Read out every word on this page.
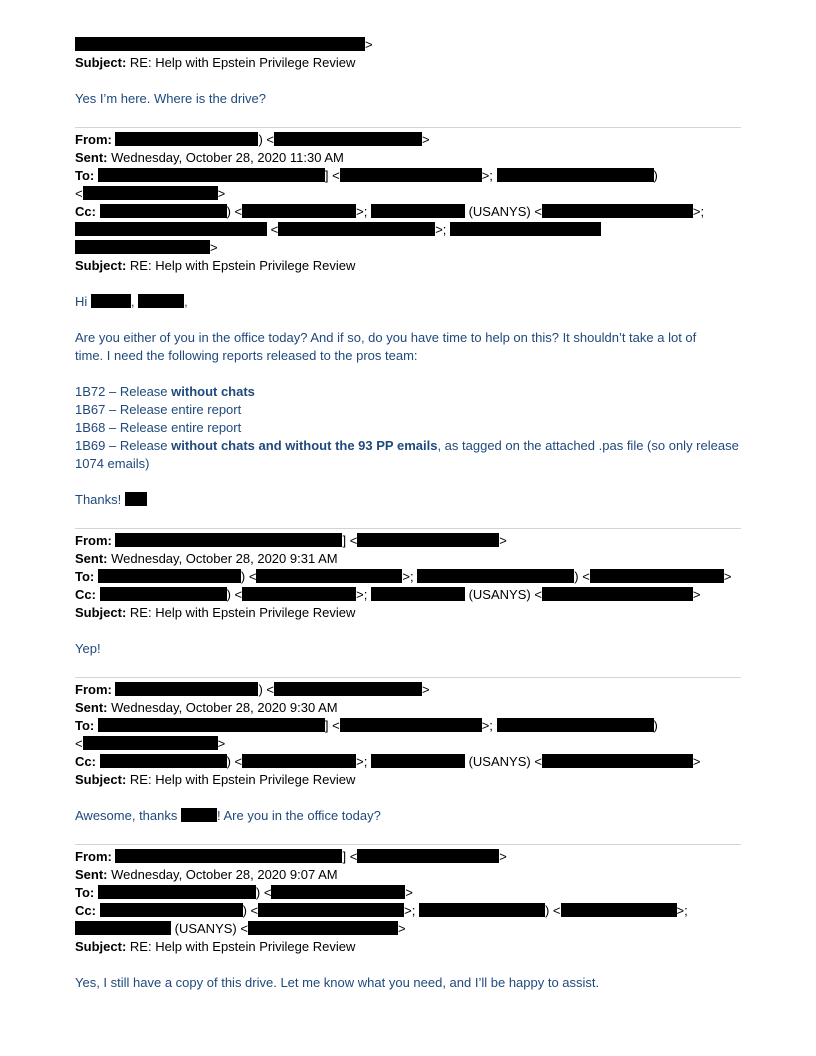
>
Subject: RE: Help with Epstein Privilege Review
Yes I’m here. Where is the drive?
From:	) <	>
Sent: Wednesday, October 28, 2020 11:30 AM
To:	] <	>;	)
<	>
Cc:	) <	>;	(USANYS) <	>;
<	>;
>
Subject: RE: Help with Epstein Privilege Review
Hi	,	,
Are you either of you in the office today? And if so, do you have time to help on this? It shouldn’t take a lot of
time. I need the following reports released to the pros team:
1B72 – Release without chats
1B67 – Release entire report
1B68 – Release entire report
1B69 – Release without chats and without the 93 PP emails, as tagged on the attached .pas file (so only release
1074 emails)
Thanks!
From:	] <	>
Sent: Wednesday, October 28, 2020 9:31 AM
To:	) <	>;	) <	>
Cc:	) <	>;	(USANYS) <	>
Subject: RE: Help with Epstein Privilege Review
Yep!
From:	) <	>
Sent: Wednesday, October 28, 2020 9:30 AM
To:	] <	>;	)
<	>
Cc:	) <	>;	(USANYS) <	>
Subject: RE: Help with Epstein Privilege Review
Awesome, thanks	! Are you in the office today?
From:	] <	>
Sent: Wednesday, October 28, 2020 9:07 AM
To:	) <	>
Cc:	) <	>;	) <	>;
(USANYS) <	>
Subject: RE: Help with Epstein Privilege Review
Yes, I still have a copy of this drive. Let me know what you need, and I’ll be happy to assist.
